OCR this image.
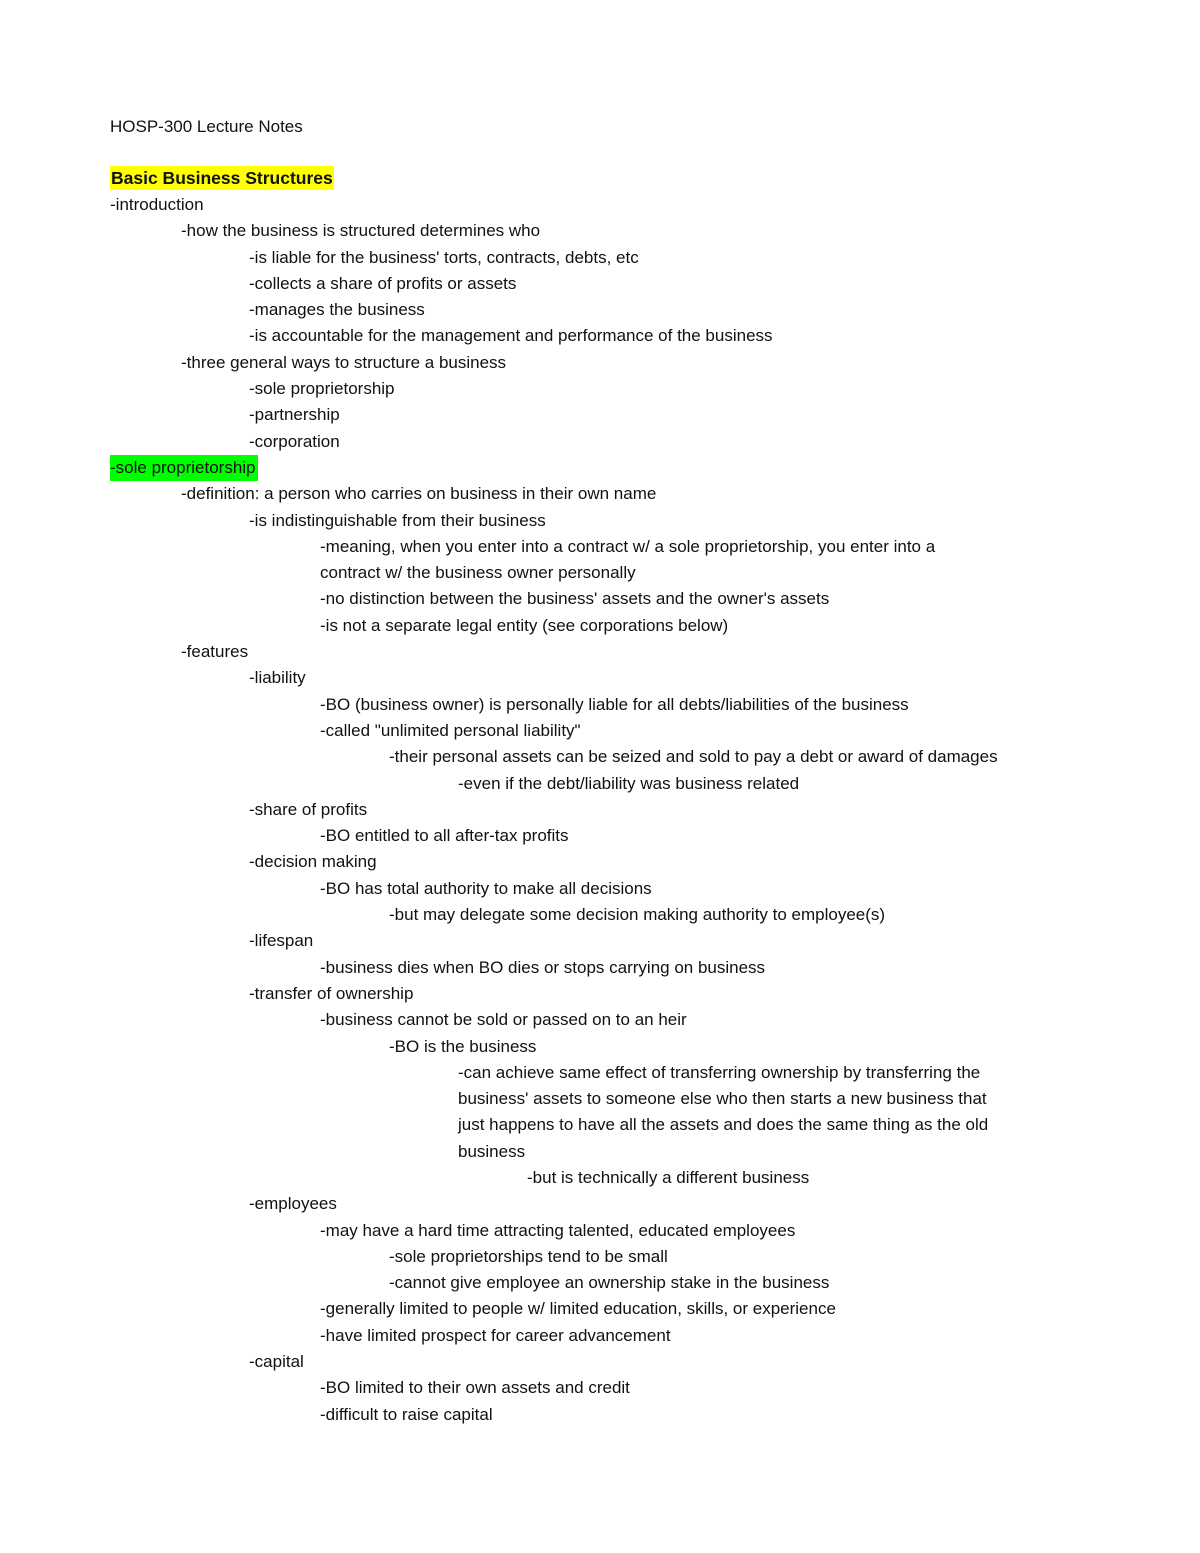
HOSP-300 Lecture Notes
Basic Business Structures
-introduction
-how the business is structured determines who
-is liable for the business' torts, contracts, debts, etc
-collects a share of profits or assets
-manages the business
-is accountable for the management and performance of the business
-three general ways to structure a business
-sole proprietorship
-partnership
-corporation
-sole proprietorship
-definition: a person who carries on business in their own name
-is indistinguishable from their business
-meaning, when you enter into a contract w/ a sole proprietorship, you enter into a
contract w/ the business owner personally
-no distinction between the business' assets and the owner's assets
-is not a separate legal entity (see corporations below)
-features
-liability
-BO (business owner) is personally liable for all debts/liabilities of the business
-called "unlimited personal liability"
-their personal assets can be seized and sold to pay a debt or award of damages
-even if the debt/liability was business related
-share of profits
-BO entitled to all after-tax profits
-decision making
-BO has total authority to make all decisions
-but may delegate some decision making authority to employee(s)
-lifespan
-business dies when BO dies or stops carrying on business
-transfer of ownership
-business cannot be sold or passed on to an heir
-BO is the business
-can achieve same effect of transferring ownership by transferring the
business' assets to someone else who then starts a new business that
just happens to have all the assets and does the same thing as the old
business
-but is technically a different business
-employees
-may have a hard time attracting talented, educated employees
-sole proprietorships tend to be small
-cannot give employee an ownership stake in the business
-generally limited to people w/ limited education, skills, or experience
-have limited prospect for career advancement
-capital
-BO limited to their own assets and credit
-difficult to raise capital
